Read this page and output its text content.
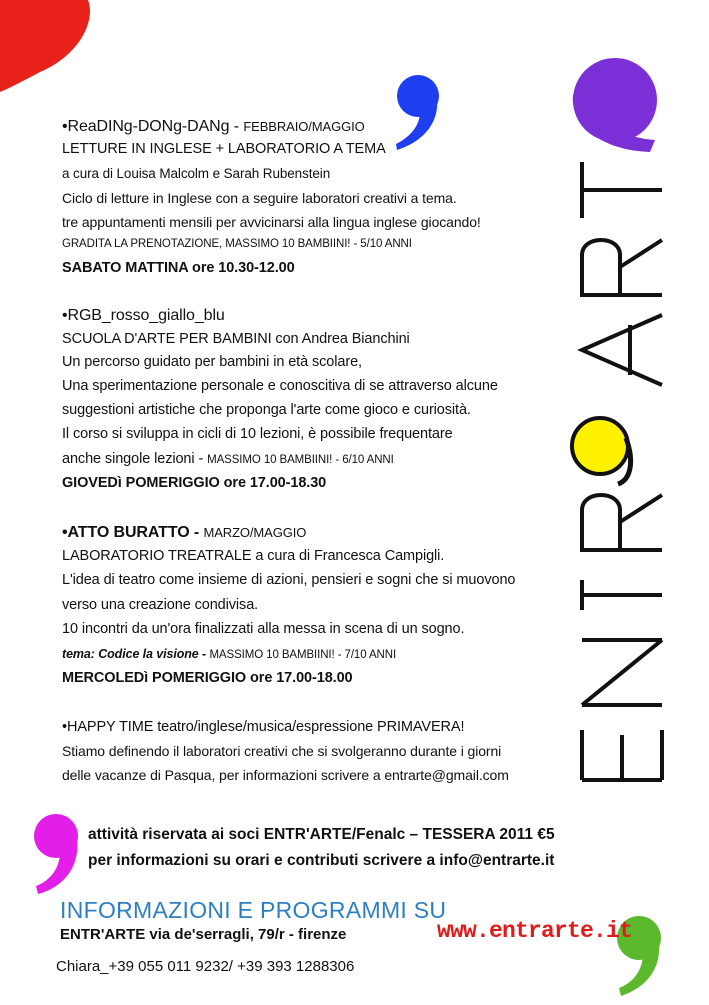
•ReaDINg-DONg-DANg - FEBBRAIO/MAGGIO
LETTURE IN INGLESE + LABORATORIO A TEMA
a cura di Louisa Malcolm e Sarah Rubenstein
Ciclo di letture in Inglese con a seguire laboratori creativi a tema.
tre appuntamenti mensili per avvicinarsi alla lingua inglese giocando!
GRADITA LA PRENOTAZIONE, MASSIMO 10 BAMBIINI! - 5/10 ANNI
SABATO MATTINA ore 10.30-12.00
•RGB_rosso_giallo_blu
SCUOLA D'ARTE PER BAMBINI con Andrea Bianchini
Un percorso guidato per bambini in età scolare,
Una sperimentazione personale e conoscitiva di se attraverso alcune
suggestioni artistiche che proponga l'arte come gioco e curiosità.
Il corso si sviluppa in cicli di 10 lezioni, è possibile frequentare
anche singole lezioni - MASSIMO 10 BAMBIINI! - 6/10 ANNI
GIOVEDì POMERIGGIO ore 17.00-18.30
•ATTO BURATTO - MARZO/MAGGIO
LABORATORIO TREATRALE a cura di Francesca Campigli.
L'idea di teatro come insieme di azioni, pensieri e sogni che si muovono
verso una creazione condivisa.
10 incontri da un'ora finalizzati alla messa in scena di un sogno.
tema: Codice la visione - MASSIMO 10 BAMBIINI! - 7/10 ANNI
MERCOLEDì POMERIGGIO ore 17.00-18.00
•HAPPY TIME teatro/inglese/musica/espressione PRIMAVERA!
Stiamo definendo il laboratori creativi che si svolgeranno durante i giorni
delle vacanze di Pasqua, per informazioni scrivere a entrarte@gmail.com
attività riservata ai soci ENTR'ARTE/Fenalc – TESSERA 2011 €5
per informazioni su orari e contributi scrivere a info@entrarte.it
INFORMAZIONI E PROGRAMMI SU
ENTR'ARTE via de'serragli, 79/r - firenze	www.entrarte.it
Chiara_+39 055 011 9232/ +39 393 1288306
